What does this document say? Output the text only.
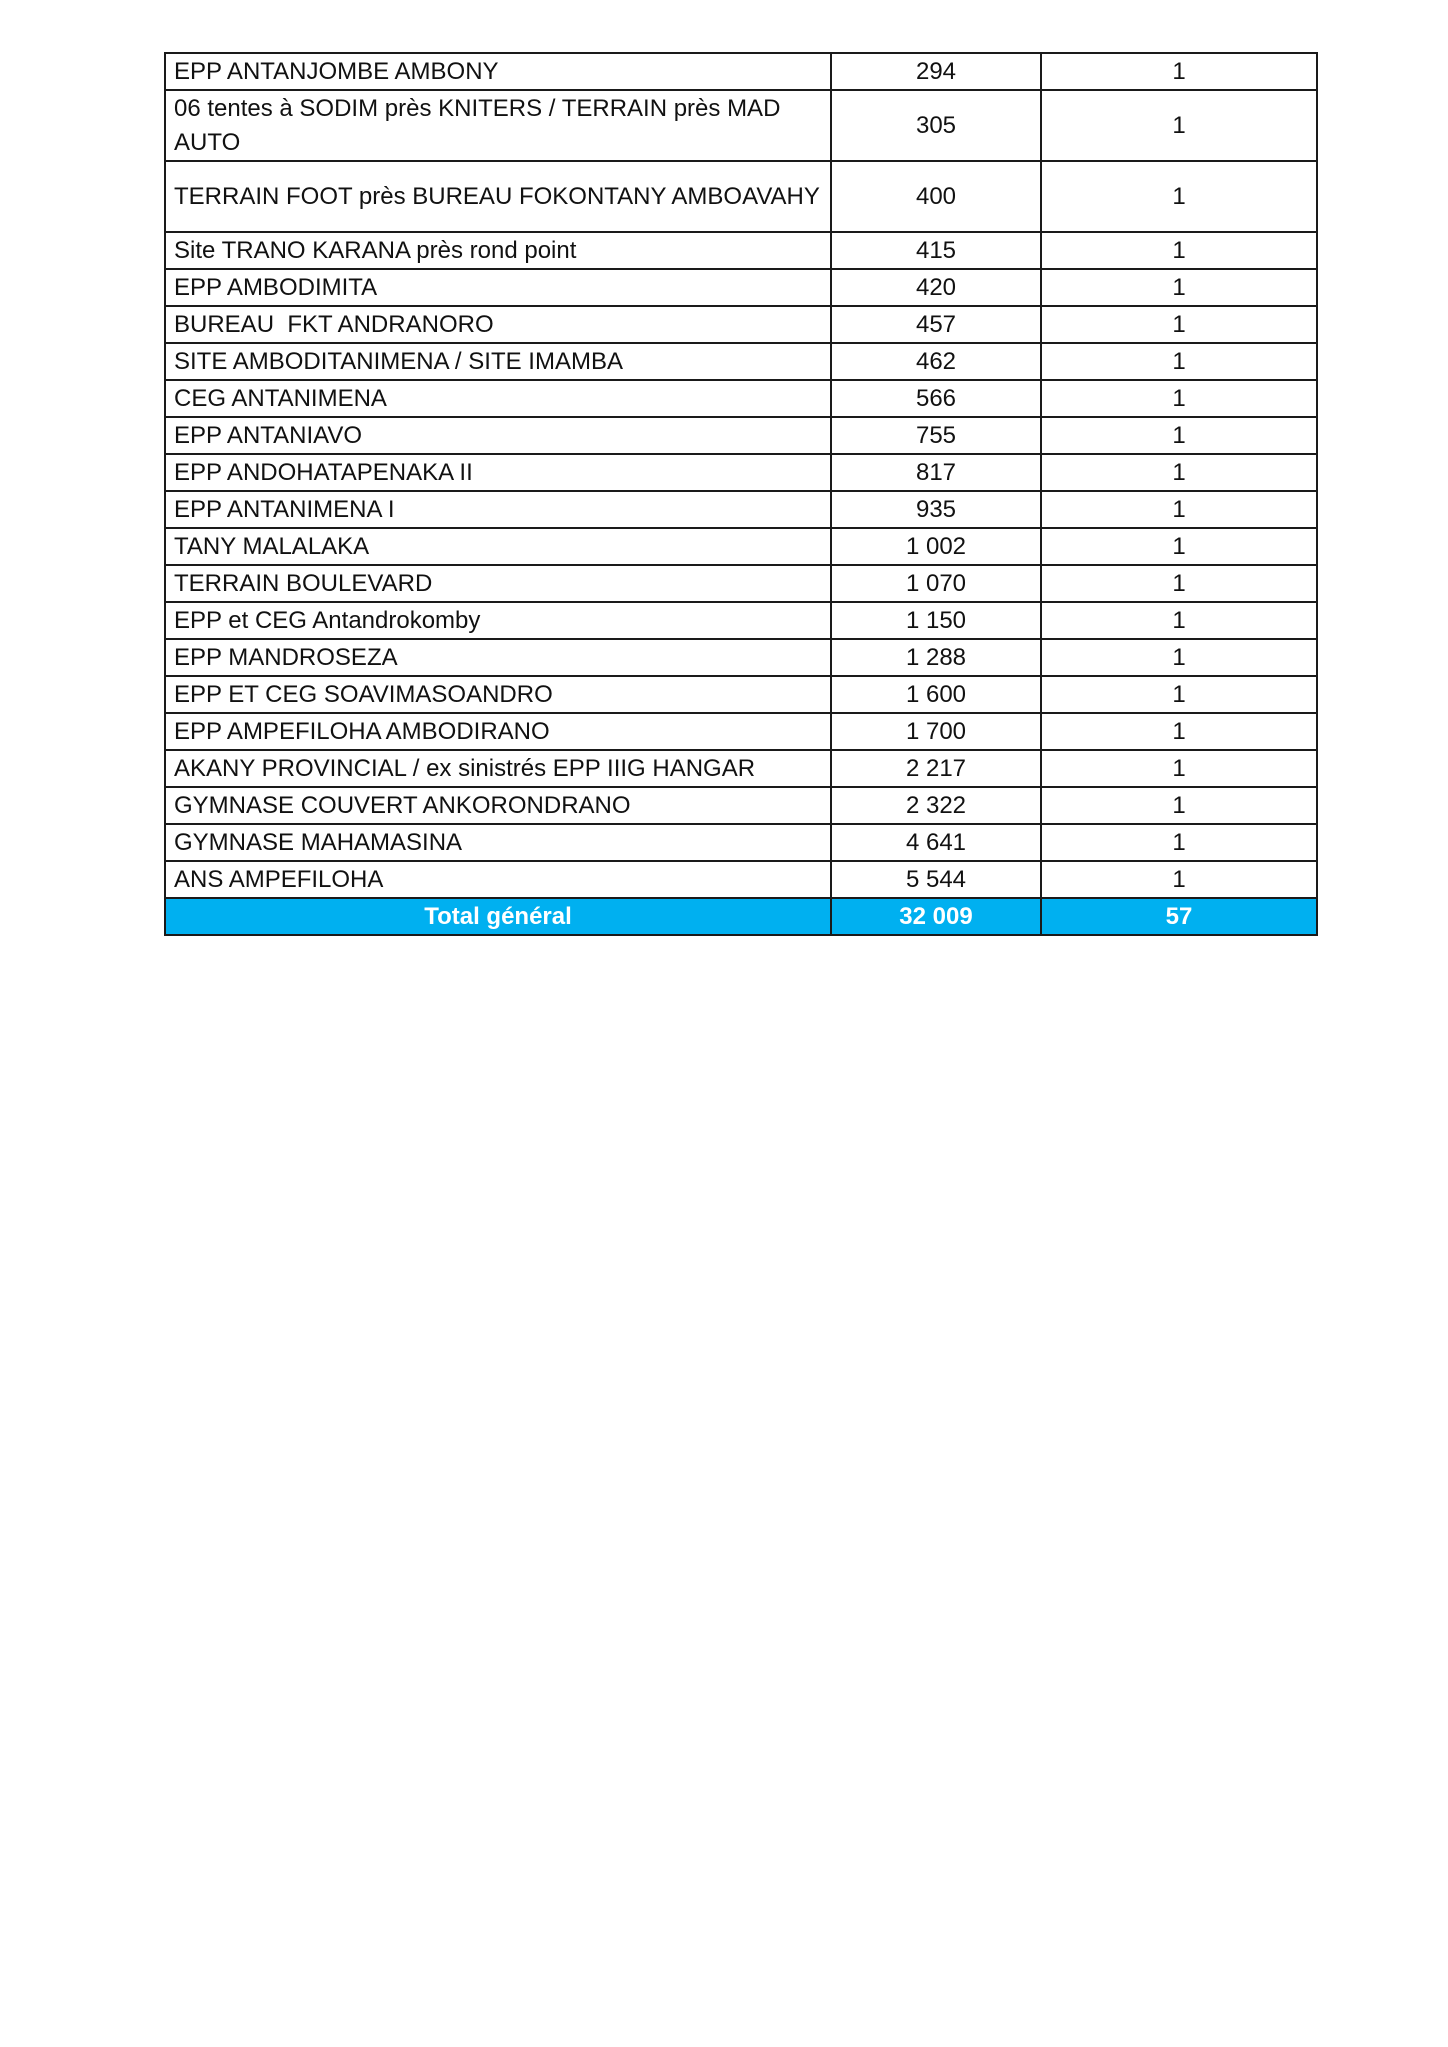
EPP ANTANJOMBE AMBONY	294	1
06 tentes à SODIM près KNITERS / TERRAIN près MAD AUTO	305	1
TERRAIN FOOT près BUREAU FOKONTANY AMBOAVAHY	400	1
Site TRANO KARANA près rond point	415	1
EPP AMBODIMITA	420	1
BUREAU  FKT ANDRANORO	457	1
SITE AMBODITANIMENA / SITE IMAMBA	462	1
CEG ANTANIMENA	566	1
EPP ANTANIAVO	755	1
EPP ANDOHATAPENAKA II	817	1
EPP ANTANIMENA I	935	1
TANY MALALAKA	1 002	1
TERRAIN BOULEVARD	1 070	1
EPP et CEG Antandrokomby	1 150	1
EPP MANDROSEZA	1 288	1
EPP ET CEG SOAVIMASOANDRO	1 600	1
EPP AMPEFILOHA AMBODIRANO	1 700	1
AKANY PROVINCIAL / ex sinistrés EPP IIIG HANGAR	2 217	1
GYMNASE COUVERT ANKORONDRANO	2 322	1
GYMNASE MAHAMASINA	4 641	1
ANS AMPEFILOHA	5 544	1
Total général	32 009	57
